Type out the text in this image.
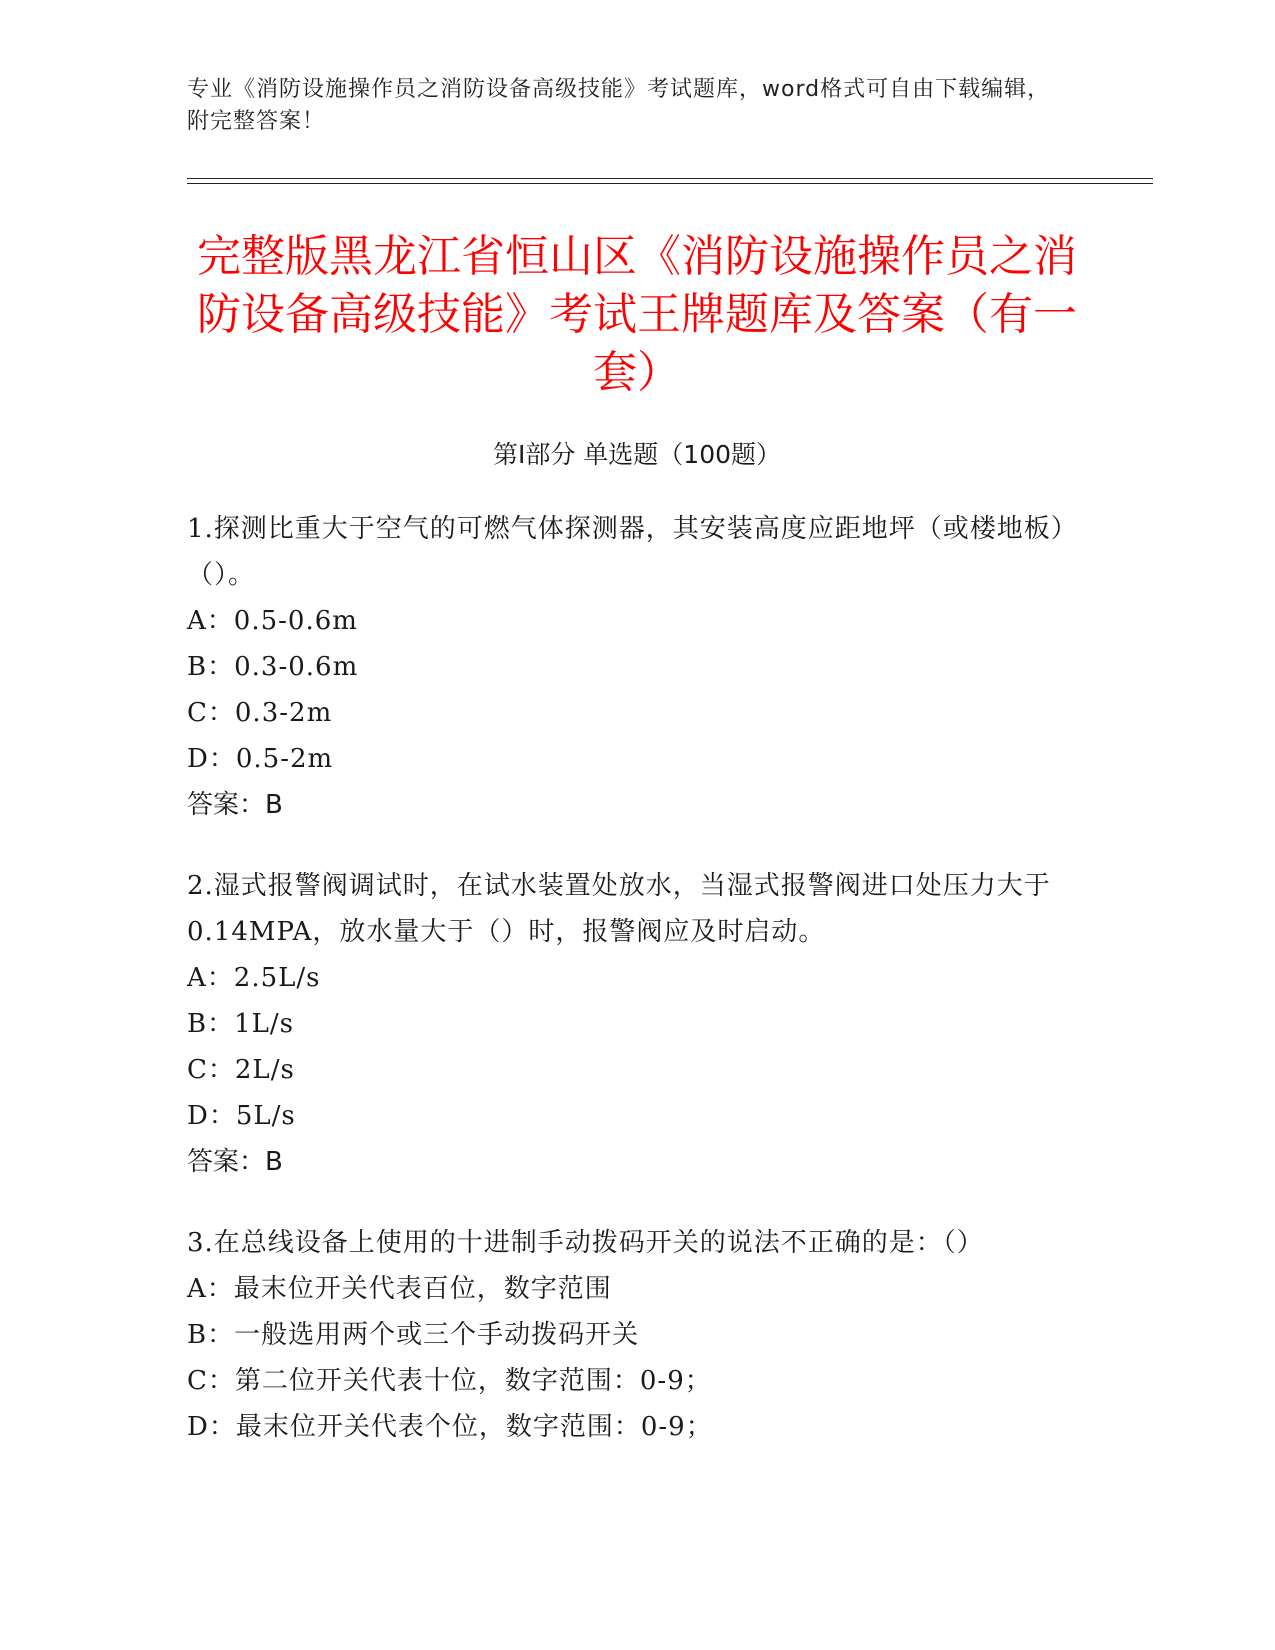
专业《消防设施操作员之消防设备高级技能》考试题库，word格式可自由下载编辑，附完整答案！
完整版黑龙江省恒山区《消防设施操作员之消防设备高级技能》考试王牌题库及答案（有一套）
第I部分 单选题（100题）
1.探测比重大于空气的可燃气体探测器，其安装高度应距地坪（或楼地板）（）。
A：0.5-0.6m
B：0.3-0.6m
C：0.3-2m
D：0.5-2m
答案：B
2.湿式报警阀调试时，在试水装置处放水，当湿式报警阀进口处压力大于0.14MPA，放水量大于（）时，报警阀应及时启动。
A：2.5L/s
B：1L/s
C：2L/s
D：5L/s
答案：B
3.在总线设备上使用的十进制手动拨码开关的说法不正确的是：（）
A：最末位开关代表百位，数字范围
B：一般选用两个或三个手动拨码开关
C：第二位开关代表十位，数字范围：0-9；
D：最末位开关代表个位，数字范围：0-9；
